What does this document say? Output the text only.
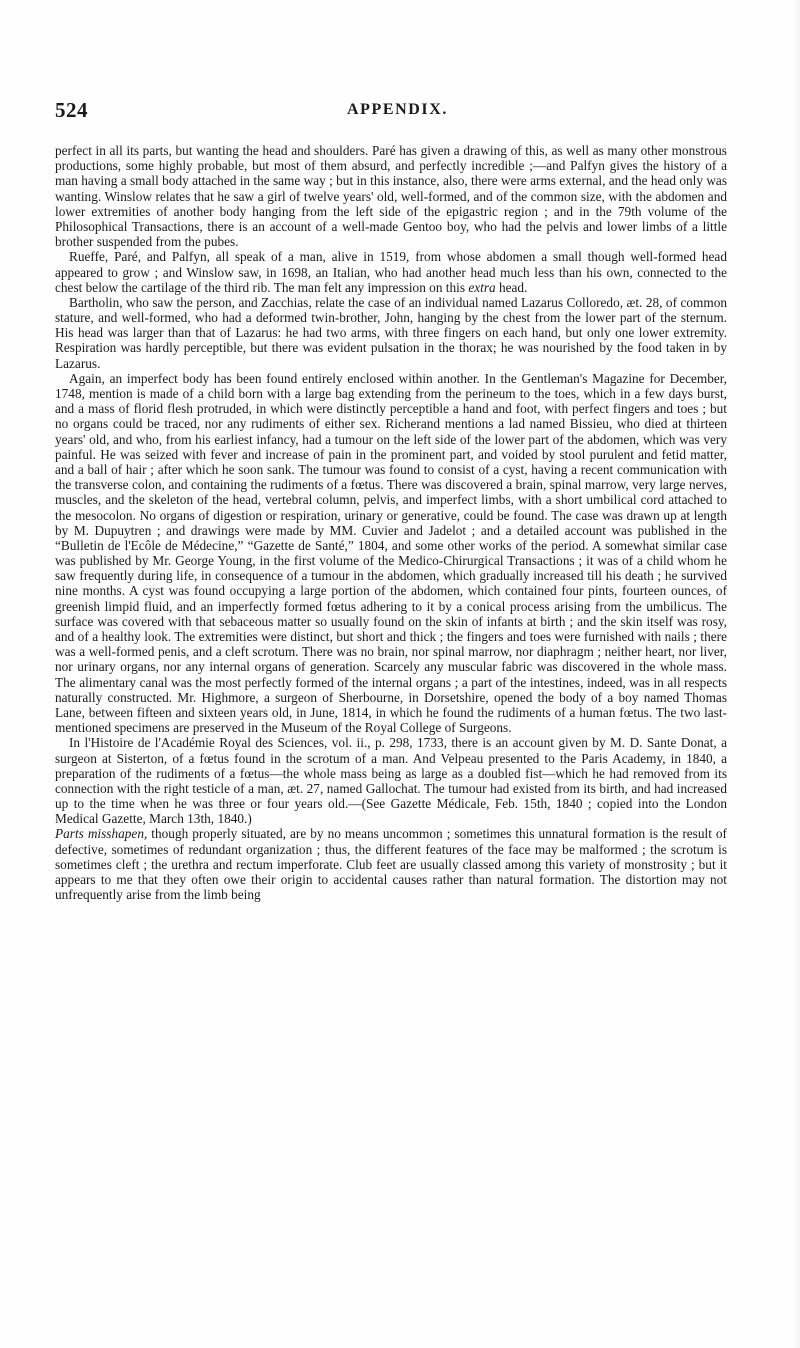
524	APPENDIX.

perfect in all its parts, but wanting the head and shoulders. Paré has given a drawing of this, as well as many other monstrous productions, some highly probable, but most of them absurd, and perfectly incredible ;—and Palfyn gives the history of a man having a small body attached in the same way ; but in this instance, also, there were arms external, and the head only was wanting. Winslow relates that he saw a girl of twelve years' old, well-formed, and of the common size, with the abdomen and lower extremities of another body hanging from the left side of the epigastric region ; and in the 79th volume of the Philosophical Transactions, there is an account of a well-made Gentoo boy, who had the pelvis and lower limbs of a little brother suspended from the pubes.

Rueffe, Paré, and Palfyn, all speak of a man, alive in 1519, from whose abdomen a small though well-formed head appeared to grow ; and Winslow saw, in 1698, an Italian, who had another head much less than his own, connected to the chest below the cartilage of the third rib. The man felt any impression on this extra head.

Bartholin, who saw the person, and Zacchias, relate the case of an individual named Lazarus Colloredo, æt. 28, of common stature, and well-formed, who had a deformed twin-brother, John, hanging by the chest from the lower part of the sternum. His head was larger than that of Lazarus: he had two arms, with three fingers on each hand, but only one lower extremity. Respiration was hardly perceptible, but there was evident pulsation in the thorax; he was nourished by the food taken in by Lazarus.

Again, an imperfect body has been found entirely enclosed within another. In the Gentleman's Magazine for December, 1748, mention is made of a child born with a large bag extending from the perineum to the toes, which in a few days burst, and a mass of florid flesh protruded, in which were distinctly perceptible a hand and foot, with perfect fingers and toes ; but no organs could be traced, nor any rudiments of either sex. Richerand mentions a lad named Bissieu, who died at thirteen years' old, and who, from his earliest infancy, had a tumour on the left side of the lower part of the abdomen, which was very painful. He was seized with fever and increase of pain in the prominent part, and voided by stool purulent and fetid matter, and a ball of hair ; after which he soon sank. The tumour was found to consist of a cyst, having a recent communication with the transverse colon, and containing the rudiments of a fœtus. There was discovered a brain, spinal marrow, very large nerves, muscles, and the skeleton of the head, vertebral column, pelvis, and imperfect limbs, with a short umbilical cord attached to the mesocolon. No organs of digestion or respiration, urinary or generative, could be found. The case was drawn up at length by M. Dupuytren ; and drawings were made by MM. Cuvier and Jadelot ; and a detailed account was published in the “Bulletin de l'Ecôle de Médecine,” “Gazette de Santé,” 1804, and some other works of the period. A somewhat similar case was published by Mr. George Young, in the first volume of the Medico-Chirurgical Transactions ; it was of a child whom he saw frequently during life, in consequence of a tumour in the abdomen, which gradually increased till his death ; he survived nine months. A cyst was found occupying a large portion of the abdomen, which contained four pints, fourteen ounces, of greenish limpid fluid, and an imperfectly formed fœtus adhering to it by a conical process arising from the umbilicus. The surface was covered with that sebaceous matter so usually found on the skin of infants at birth ; and the skin itself was rosy, and of a healthy look. The extremities were distinct, but short and thick ; the fingers and toes were furnished with nails ; there was a well-formed penis, and a cleft scrotum. There was no brain, nor spinal marrow, nor diaphragm ; neither heart, nor liver, nor urinary organs, nor any internal organs of generation. Scarcely any muscular fabric was discovered in the whole mass. The alimentary canal was the most perfectly formed of the internal organs ; a part of the intestines, indeed, was in all respects naturally constructed. Mr. Highmore, a surgeon of Sherbourne, in Dorsetshire, opened the body of a boy named Thomas Lane, between fifteen and sixteen years old, in June, 1814, in which he found the rudiments of a human fœtus. The two last-mentioned specimens are preserved in the Museum of the Royal College of Surgeons.

In l'Histoire de l'Académie Royal des Sciences, vol. ii., p. 298, 1733, there is an account given by M. D. Sante Donat, a surgeon at Sisterton, of a fœtus found in the scrotum of a man. And Velpeau presented to the Paris Academy, in 1840, a preparation of the rudiments of a fœtus—the whole mass being as large as a doubled fist—which he had removed from its connection with the right testicle of a man, æt. 27, named Gallochat. The tumour had existed from its birth, and had increased up to the time when he was three or four years old.—(See Gazette Médicale, Feb. 15th, 1840 ; copied into the London Medical Gazette, March 13th, 1840.)

Parts misshapen, though properly situated, are by no means uncommon ; sometimes this unnatural formation is the result of defective, sometimes of redundant organization ; thus, the different features of the face may be malformed ; the scrotum is sometimes cleft ; the urethra and rectum imperforate. Club feet are usually classed among this variety of monstrosity ; but it appears to me that they often owe their origin to accidental causes rather than natural formation. The distortion may not unfrequently arise from the limb being
